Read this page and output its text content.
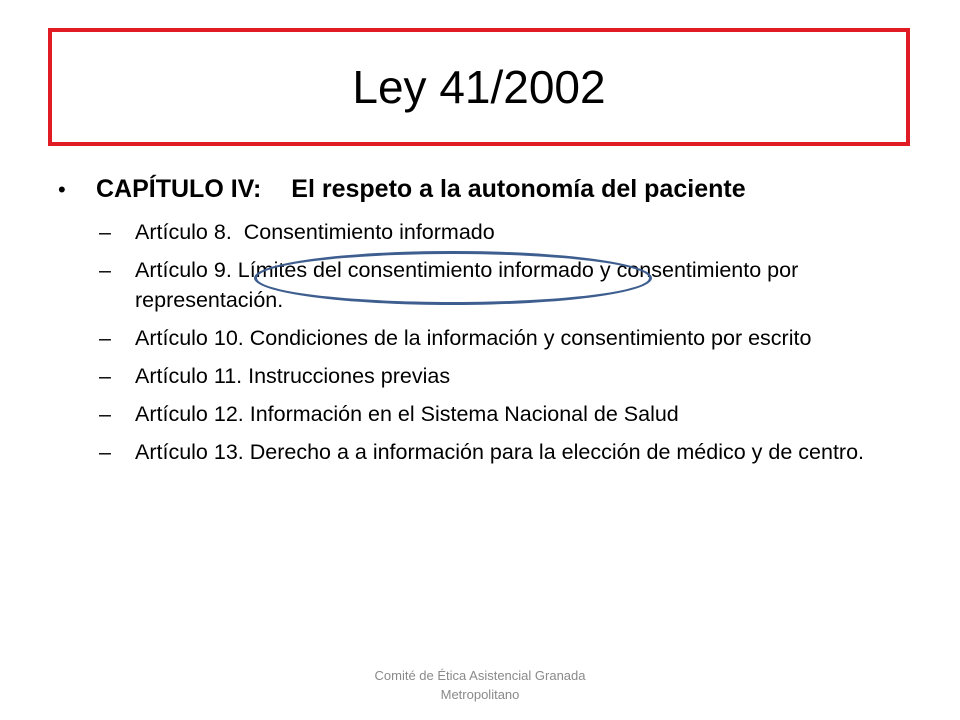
Ley 41/2002
•	CAPÍTULO IV: El respeto a la autonomía del paciente
– Artículo 8.  Consentimiento informado
– Artículo 9. Límites del consentimiento informado y consentimiento por representación.
– Artículo 10. Condiciones de la información y consentimiento por escrito
– Artículo 11. Instrucciones previas
– Artículo 12. Información en el Sistema Nacional de Salud
– Artículo 13. Derecho a a información para la elección de médico y de centro.
Comité de Ética Asistencial Granada
Metropolitano
